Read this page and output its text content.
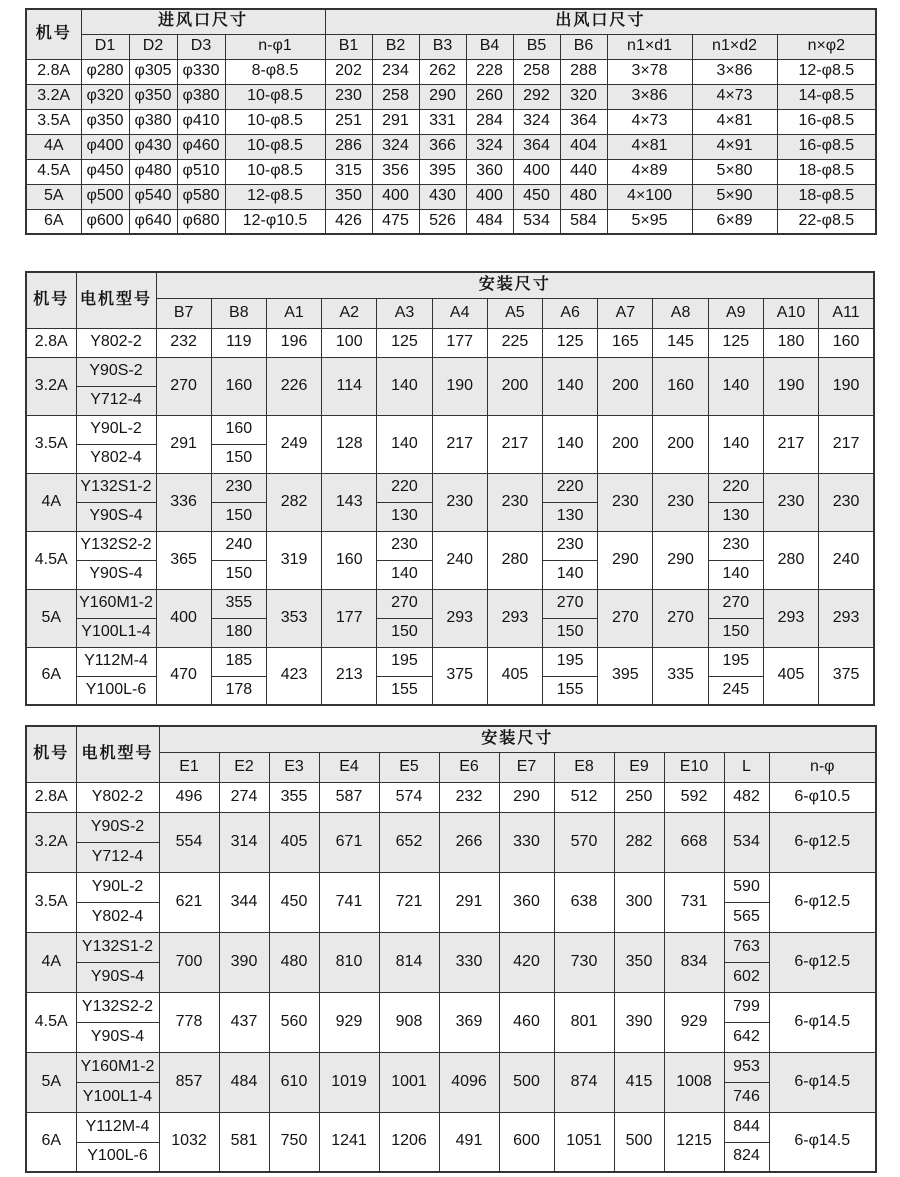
机号	进风口尺寸				出风口尺寸								
	D1	D2	D3	n-φ1	B1	B2	B3	B4	B5	B6	n1×d1	n1×d2	n×φ2
2.8A	φ280	φ305	φ330	8-φ8.5	202	234	262	228	258	288	3×78	3×86	12-φ8.5
3.2A	φ320	φ350	φ380	10-φ8.5	230	258	290	260	292	320	3×86	4×73	14-φ8.5
3.5A	φ350	φ380	φ410	10-φ8.5	251	291	331	284	324	364	4×73	4×81	16-φ8.5
4A	φ400	φ430	φ460	10-φ8.5	286	324	366	324	364	404	4×81	4×91	16-φ8.5
4.5A	φ450	φ480	φ510	10-φ8.5	315	356	395	360	400	440	4×89	5×80	18-φ8.5
5A	φ500	φ540	φ580	12-φ8.5	350	400	430	400	450	480	4×100	5×90	18-φ8.5
6A	φ600	φ640	φ680	12-φ10.5	426	475	526	484	534	584	5×95	6×89	22-φ8.5
机号	电机型号	安装尺寸												
		B7	B8	A1	A2	A3	A4	A5	A6	A7	A8	A9	A10	A11
2.8A	Y802-2	232	119	196	100	125	177	225	125	165	145	125	180	160
3.2A	Y90S-2	270	160	226	114	140	190	200	140	200	160	140	190	190
	Y712-4													
3.5A	Y90L-2	291	160	249	128	140	217	217	140	200	200	140	217	217
	Y802-4		150											
4A	Y132S1-2	336	230	282	143	220	230	230	220	230	230	220	230	230
	Y90S-4		150			130			130			130		
4.5A	Y132S2-2	365	240	319	160	230	240	280	230	290	290	230	280	240
	Y90S-4		150			140			140			140		
5A	Y160M1-2	400	355	353	177	270	293	293	270	270	270	270	293	293
	Y100L1-4		180			150			150			150		
6A	Y112M-4	470	185	423	213	195	375	405	195	395	335	195	405	375
	Y100L-6		178			155			155			245		
机号	电机型号	安装尺寸											
		E1	E2	E3	E4	E5	E6	E7	E8	E9	E10	L	n-φ
2.8A	Y802-2	496	274	355	587	574	232	290	512	250	592	482	6-φ10.5
3.2A	Y90S-2	554	314	405	671	652	266	330	570	282	668	534	6-φ12.5
	Y712-4												
3.5A	Y90L-2	621	344	450	741	721	291	360	638	300	731	590	6-φ12.5
	Y802-4											565	
4A	Y132S1-2	700	390	480	810	814	330	420	730	350	834	763	6-φ12.5
	Y90S-4											602	
4.5A	Y132S2-2	778	437	560	929	908	369	460	801	390	929	799	6-φ14.5
	Y90S-4											642	
5A	Y160M1-2	857	484	610	1019	1001	4096	500	874	415	1008	953	6-φ14.5
	Y100L1-4											746	
6A	Y112M-4	1032	581	750	1241	1206	491	600	1051	500	1215	844	6-φ14.5
	Y100L-6											824	
